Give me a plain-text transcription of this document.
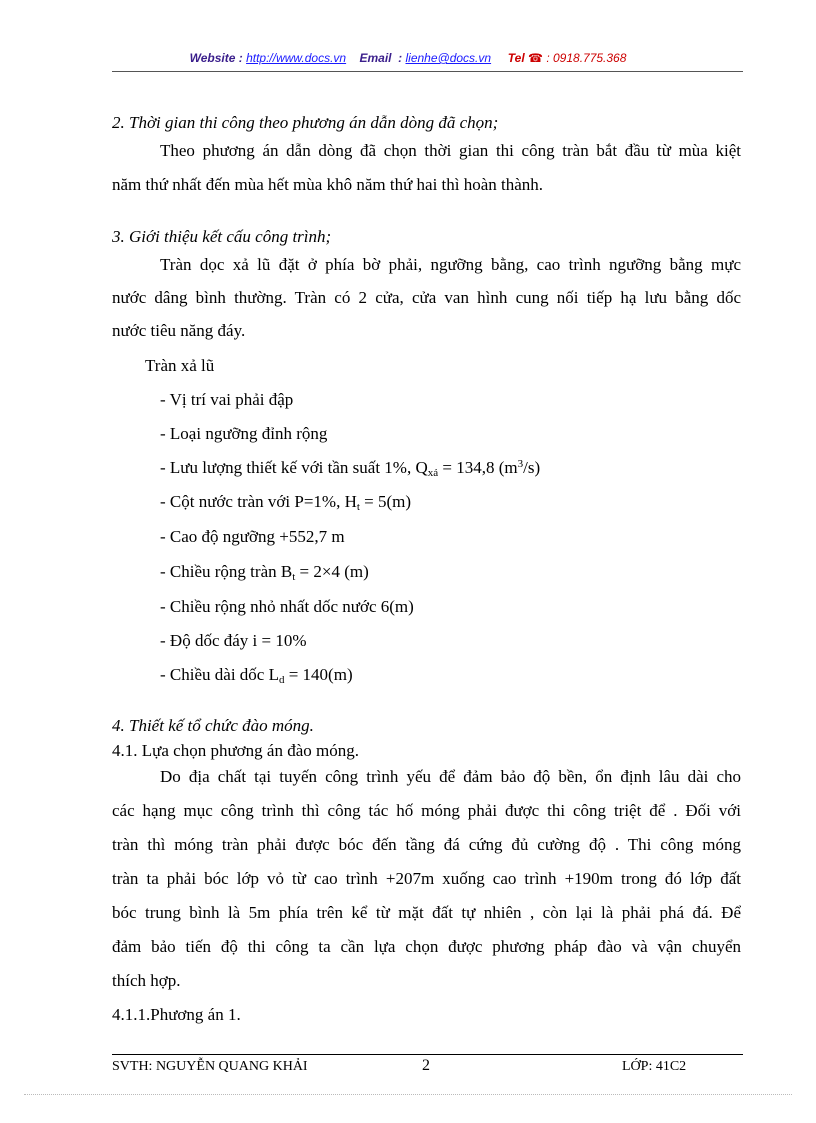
Website : http://www.docs.vn Email  : lienhe@docs.vn Tel ☎ : 0918.775.368
2. Thời gian thi công theo phương án dẫn dòng đã chọn;
Theo phương án dẫn dòng đã chọn thời gian thi công tràn bắt đầu từ mùa kiệt
năm thứ nhất đến mùa hết mùa khô năm thứ hai thì hoàn thành.
3. Giới thiệu kết cấu công trình;
Tràn dọc xả lũ đặt ở phía bờ phải, ngưỡng bằng, cao trình ngưỡng bằng mực
nước dâng bình thường. Tràn có 2 cửa, cửa van hình cung nối tiếp hạ lưu bằng dốc
nước tiêu năng đáy.
Tràn xả lũ
- Vị trí vai phải đập
- Loại ngưỡng đỉnh rộng
- Lưu lượng thiết kế với tần suất 1%, $Q_{xả} = 134,8$ $(m^3/s)$
- Cột nước tràn với P=1%, $H_t = 5(m)$
- Cao độ ngưỡng +552,7 m
- Chiều rộng tràn $B_t = 2\times 4$ (m)
- Chiều rộng nhỏ nhất dốc nước 6(m)
- Độ dốc đáy i = 10%
- Chiều dài dốc $L_d = 140(m)$
4. Thiết kế tổ chức đào móng.
4.1. Lựa chọn phương án đào móng.
Do địa chất tại tuyến công trình yếu để đảm bảo độ bền, ổn định lâu dài cho
các hạng mục công trình thì công tác hố móng phải được thi công triệt để . Đối với
tràn thì móng tràn phải được bóc đến tầng đá cứng đủ cường độ . Thi công móng
tràn ta phải bóc lớp vỏ từ cao trình +207m xuống cao trình +190m trong đó lớp đất
bóc trung bình là 5m phía trên kể từ mặt đất tự nhiên , còn lại là phải phá đá. Để
đảm bảo tiến độ thi công ta cần lựa chọn được phương pháp đào và vận chuyển
thích hợp.
4.1.1.Phương án 1.
SVTH: NGUYỄN QUANG KHẢI	2	LỚP: 41C2
